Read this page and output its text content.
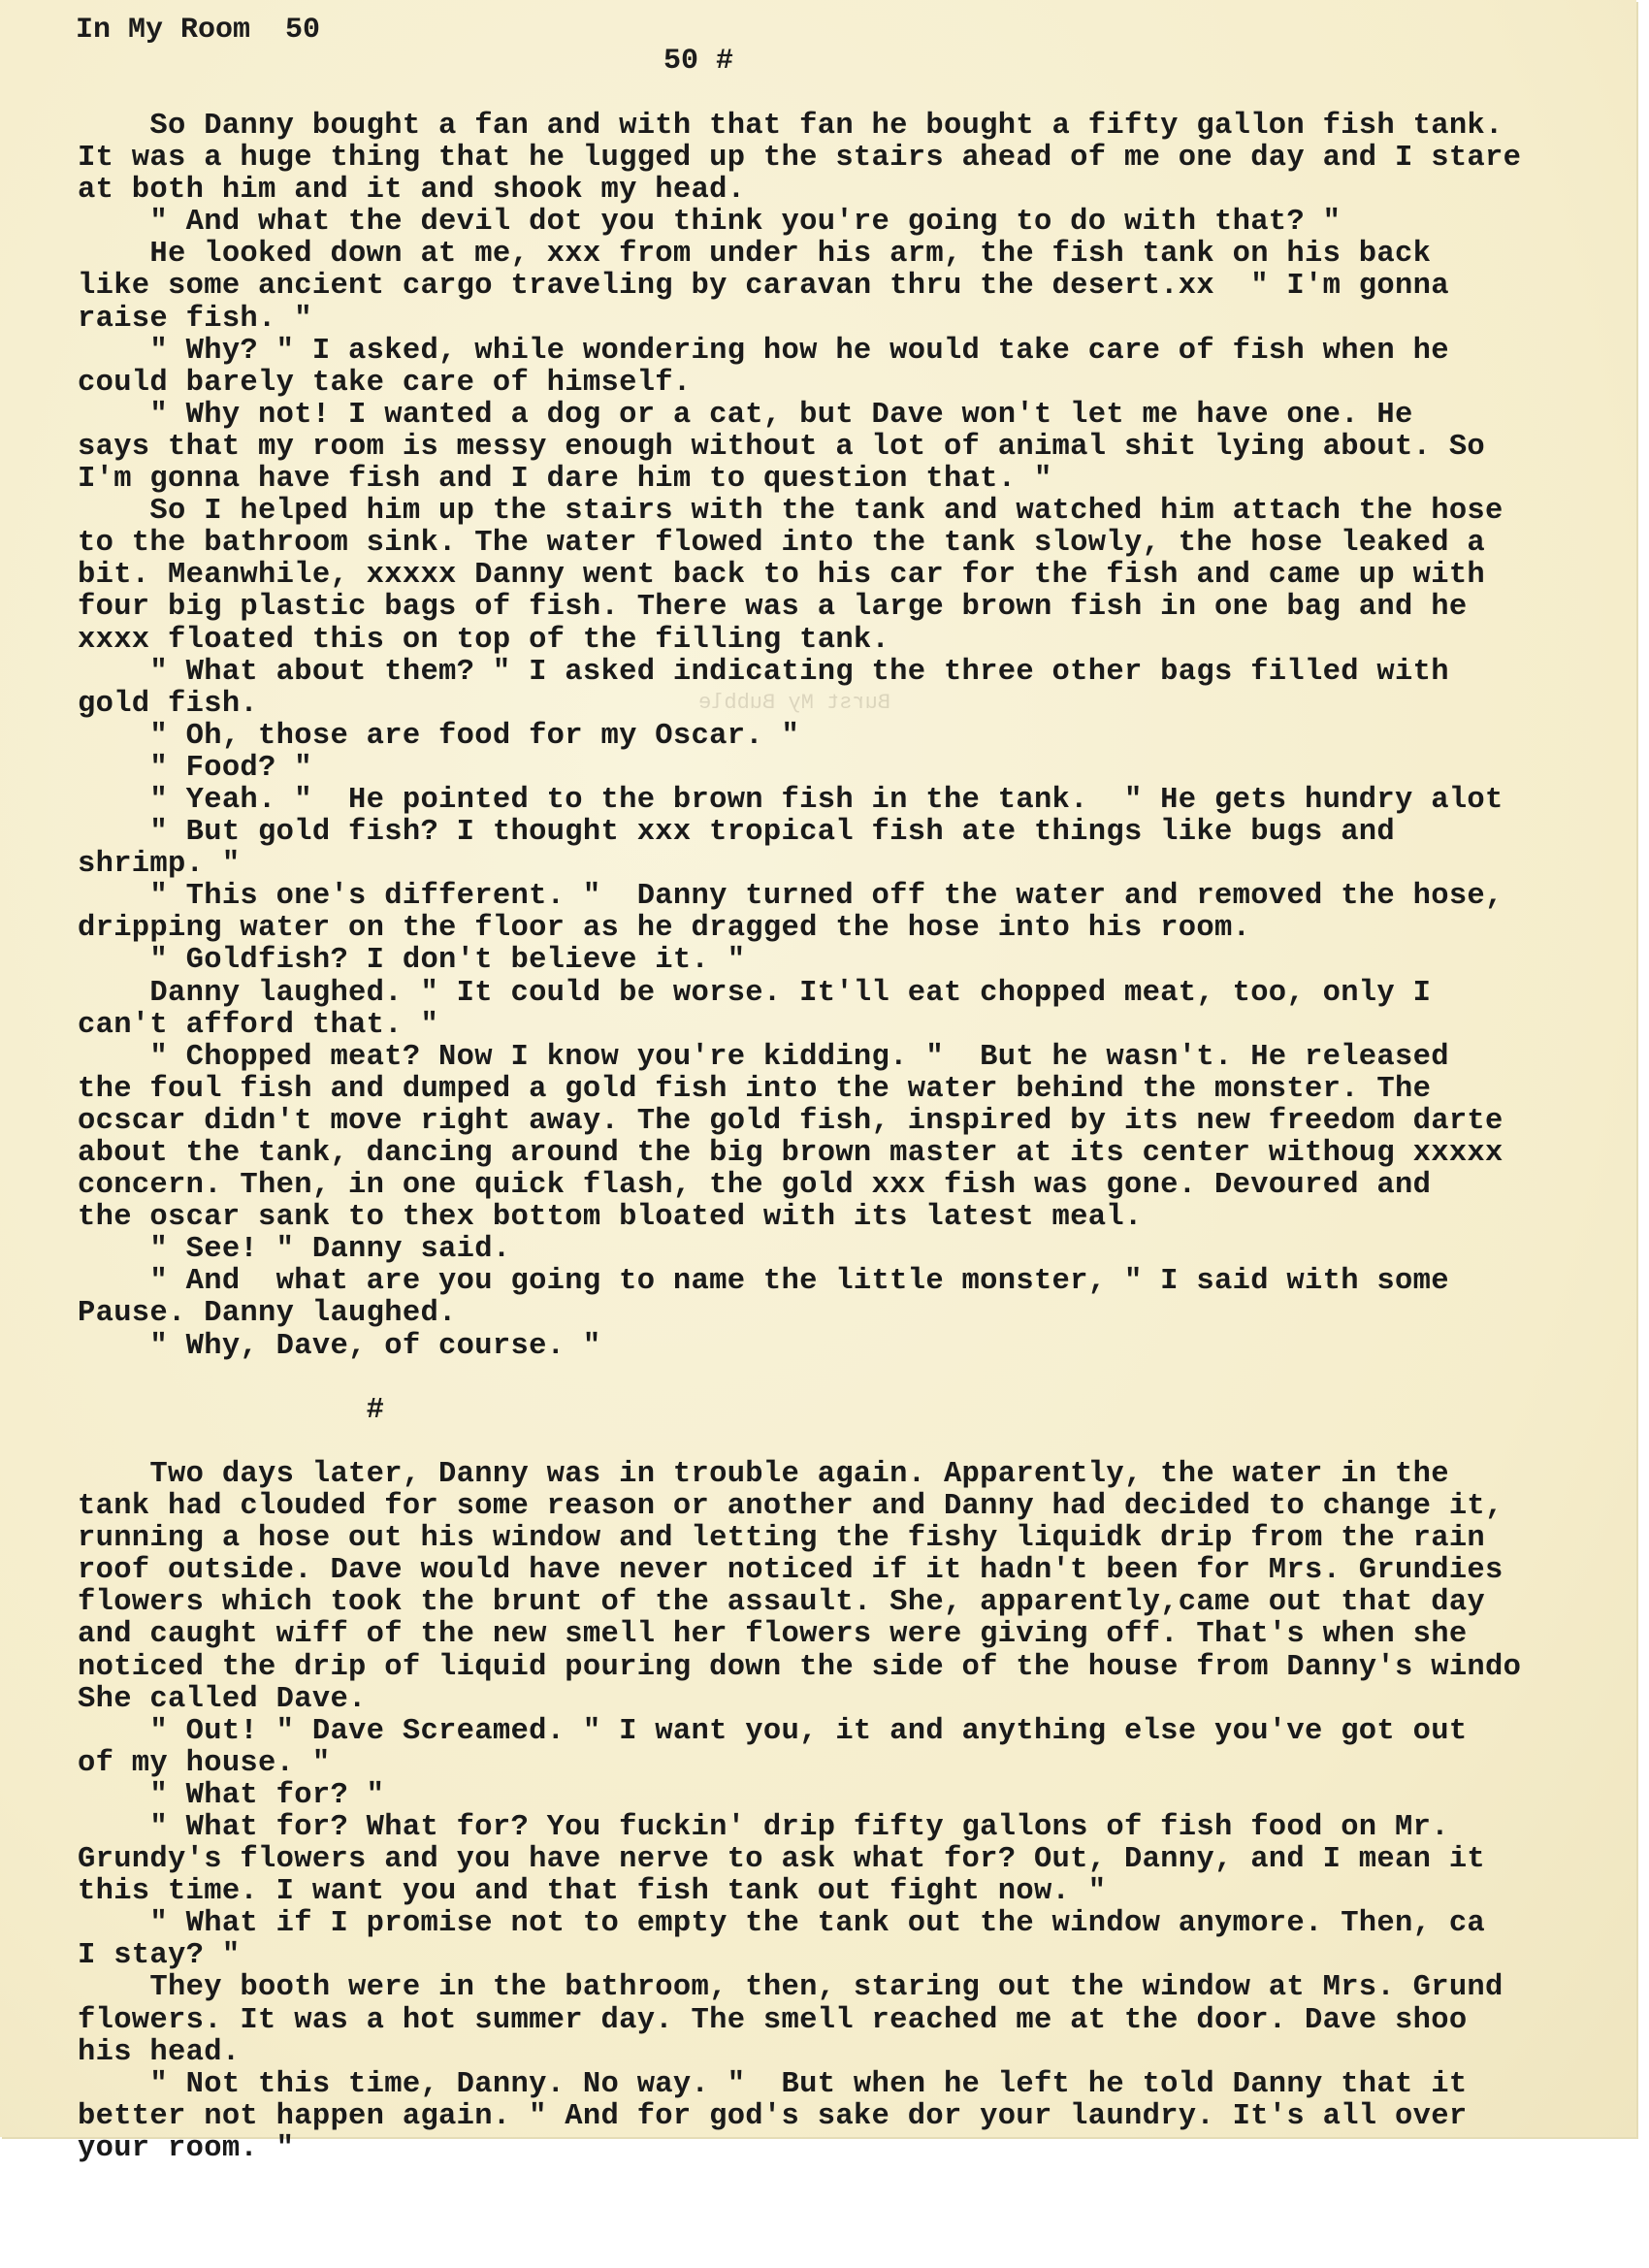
In My Room 50
50 #
Burst My Bubble

So Danny bought a fan and with that fan he bought a fifty gallon fish tank.

It was a huge thing that he lugged up the stairs ahead of me one day and I stare

at both him and it and shook my head.

" And what the devil dot you think you're going to do with that? "

He looked down at me, xxx from under his arm, the fish tank on his back

like some ancient cargo traveling by caravan thru the desert.xx  " I'm gonna

raise fish. "

" Why? " I asked, while wondering how he would take care of fish when he

could barely take care of himself.

" Why not! I wanted a dog or a cat, but Dave won't let me have one. He

says that my room is messy enough without a lot of animal shit lying about. So

I'm gonna have fish and I dare him to question that. "

So I helped him up the stairs with the tank and watched him attach the hose

to the bathroom sink. The water flowed into the tank slowly, the hose leaked a

bit. Meanwhile, xxxxx Danny went back to his car for the fish and came up with

four big plastic bags of fish. There was a large brown fish in one bag and he

xxxx floated this on top of the filling tank.

" What about them? " I asked indicating the three other bags filled with

gold fish.

" Oh, those are food for my Oscar. "

" Food? "

" Yeah. "  He pointed to the brown fish in the tank.  " He gets hundry alot

" But gold fish? I thought xxx tropical fish ate things like bugs and

shrimp. "

" This one's different. "  Danny turned off the water and removed the hose,

dripping water on the floor as he dragged the hose into his room.

" Goldfish? I don't believe it. "

Danny laughed. " It could be worse. It'll eat chopped meat, too, only I

can't afford that. "

" Chopped meat? Now I know you're kidding. "  But he wasn't. He released

the foul fish and dumped a gold fish into the water behind the monster. The

ocscar didn't move right away. The gold fish, inspired by its new freedom darte

about the tank, dancing around the big brown master at its center withoug xxxxx

concern. Then, in one quick flash, the gold xxx fish was gone. Devoured and

the oscar sank to thex bottom bloated with its latest meal.

" See! " Danny said.

" And  what are you going to name the little monster, " I said with some

Pause. Danny laughed.

" Why, Dave, of course. "

#

Two days later, Danny was in trouble again. Apparently, the water in the

tank had clouded for some reason or another and Danny had decided to change it,

running a hose out his window and letting the fishy liquidk drip from the rain

roof outside. Dave would have never noticed if it hadn't been for Mrs. Grundies

flowers which took the brunt of the assault. She, apparently,came out that day

and caught wiff of the new smell her flowers were giving off. That's when she

noticed the drip of liquid pouring down the side of the house from Danny's windo

She called Dave.

" Out! " Dave Screamed. " I want you, it and anything else you've got out

of my house. "

" What for? "

" What for? What for? You fuckin' drip fifty gallons of fish food on Mr.

Grundy's flowers and you have nerve to ask what for? Out, Danny, and I mean it

this time. I want you and that fish tank out fight now. "

" What if I promise not to empty the tank out the window anymore. Then, ca

I stay? "

They booth were in the bathroom, then, staring out the window at Mrs. Grund

flowers. It was a hot summer day. The smell reached me at the door. Dave shoo

his head.

" Not this time, Danny. No way. "  But when he left he told Danny that it

better not happen again. " And for god's sake dor your laundry. It's all over

your room. "
